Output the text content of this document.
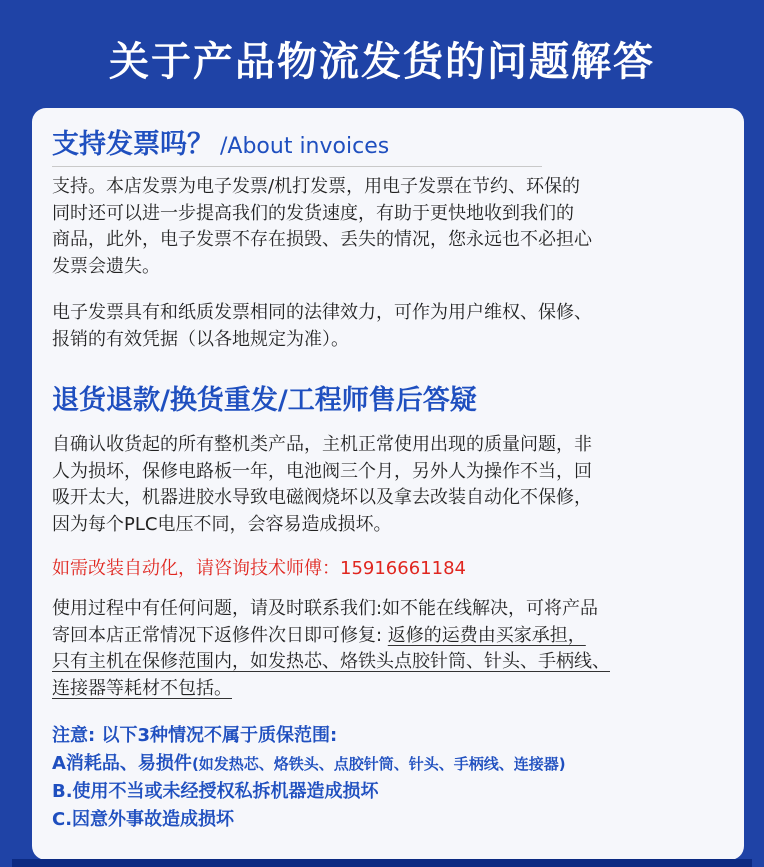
关于产品物流发货的问题解答
支持发票吗？ /About invoices
支持。本店发票为电子发票/机打发票，用电子发票在节约、环保的
同时还可以进一步提高我们的发货速度，有助于更快地收到我们的
商品，此外，电子发票不存在损毁、丢失的情况，您永远也不必担心
发票会遗失。
电子发票具有和纸质发票相同的法律效力，可作为用户维权、保修、
报销的有效凭据（以各地规定为准）。
退货退款/换货重发/工程师售后答疑
自确认收货起的所有整机类产品，主机正常使用出现的质量问题，非
人为损坏，保修电路板一年，电池阀三个月，另外人为操作不当，回
吸开太大，机器进胶水导致电磁阀烧坏以及拿去改装自动化不保修，
因为每个PLC电压不同，会容易造成损坏。
如需改装自动化，请咨询技术师傅：15916661184
使用过程中有任何问题，请及时联系我们:如不能在线解决，可将产品
寄回本店正常情况下返修件次日即可修复: 返修的运费由买家承担，
只有主机在保修范围内，如发热芯、烙铁头点胶针筒、针头、手柄线、
连接器等耗材不包括。
注意: 以下3种情况不属于质保范围:
A消耗品、易损件(如发热芯、烙铁头、点胶针筒、针头、手柄线、连接器)
B.使用不当或未经授权私拆机器造成损坏
C.因意外事故造成损坏
